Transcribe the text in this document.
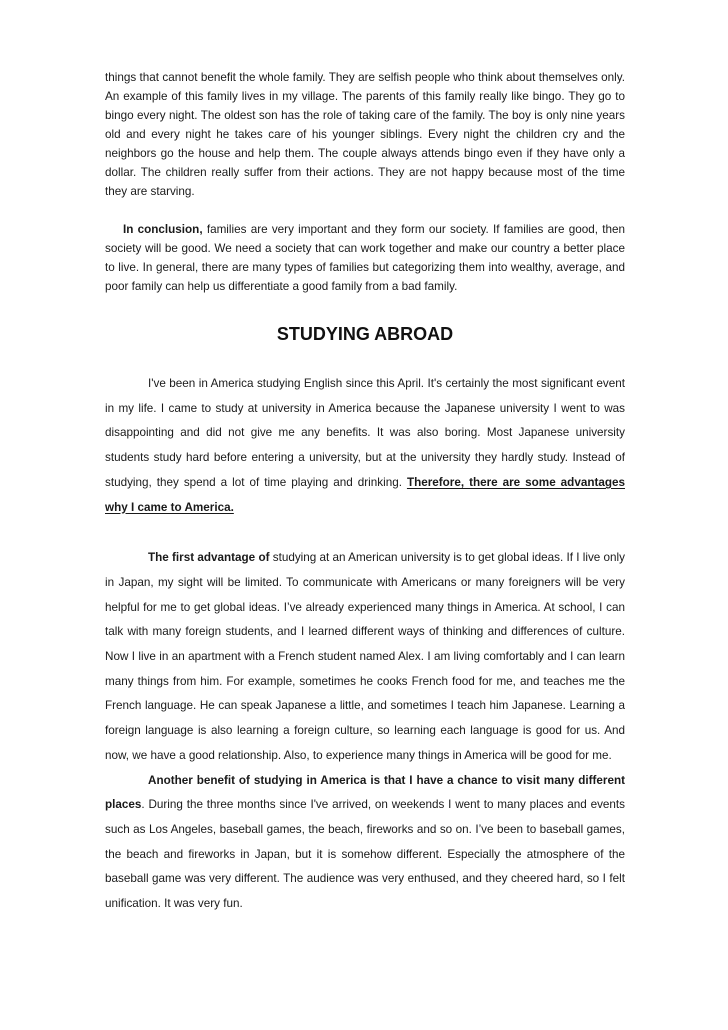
things that cannot benefit the whole family. They are selfish people who think about themselves only. An example of this family lives in my village. The parents of this family really like bingo. They go to bingo every night. The oldest son has the role of taking care of the family. The boy is only nine years old and every night he takes care of his younger siblings. Every night the children cry and the neighbors go the house and help them. The couple always attends bingo even if they have only a dollar. The children really suffer from their actions. They are not happy because most of the time they are starving.

In conclusion, families are very important and they form our society. If families are good, then society will be good. We need a society that can work together and make our country a better place to live. In general, there are many types of families but categorizing them into wealthy, average, and poor family can help us differentiate a good family from a bad family.

STUDYING ABROAD

I've been in America studying English since this April. It's certainly the most significant event in my life. I came to study at university in America because the Japanese university I went to was disappointing and did not give me any benefits. It was also boring. Most Japanese university students study hard before entering a university, but at the university they hardly study. Instead of studying, they spend a lot of time playing and drinking. Therefore, there are some advantages why I came to America.

The first advantage of studying at an American university is to get global ideas. If I live only in Japan, my sight will be limited. To communicate with Americans or many foreigners will be very helpful for me to get global ideas. I’ve already experienced many things in America. At school, I can talk with many foreign students, and I learned different ways of thinking and differences of culture. Now I live in an apartment with a French student named Alex. I am living comfortably and I can learn many things from him. For example, sometimes he cooks French food for me, and teaches me the French language. He can speak Japanese a little, and sometimes I teach him Japanese. Learning a foreign language is also learning a foreign culture, so learning each language is good for us. And now, we have a good relationship. Also, to experience many things in America will be good for me.

Another benefit of studying in America is that I have a chance to visit many different places. During the three months since I've arrived, on weekends I went to many places and events such as Los Angeles, baseball games, the beach, fireworks and so on. I’ve been to baseball games, the beach and fireworks in Japan, but it is somehow different. Especially the atmosphere of the baseball game was very different. The audience was very enthused, and they cheered hard, so I felt unification. It was very fun.
